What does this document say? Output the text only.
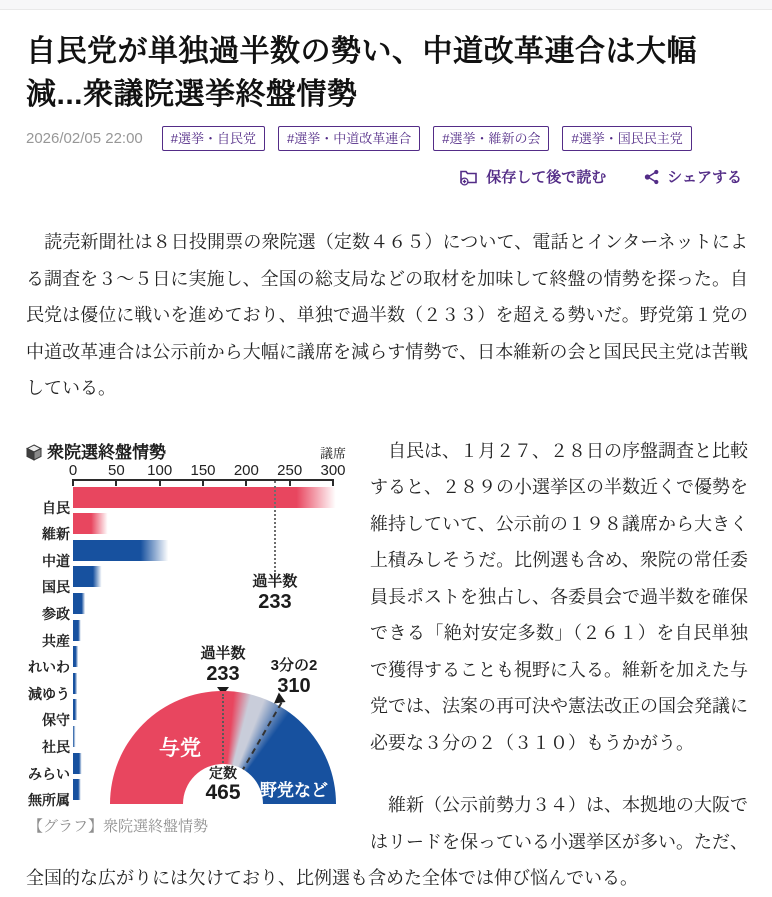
自民党が単独過半数の勢い、中道改革連合は大幅減...衆議院選挙終盤情勢
2026/02/05 22:00	#選挙・自民党	#選挙・中道改革連合	#選挙・維新の会	#選挙・国民民主党
保存して後で読む	シェアする

　読売新聞社は８日投開票の衆院選（定数４６５）について、電話とインターネットによる調査を３～５日に実施し、全国の総支局などの取材を加味して終盤の情勢を探った。自民党は優位に戦いを進めており、単独で過半数（２３３）を超える勢いだ。野党第１党の中道改革連合は公示前から大幅に議席を減らす情勢で、日本維新の会と国民民主党は苦戦している。

衆院選終盤情勢	議席
0 50 100 150 200 250 300
自民
維新
中道
国民
参政
共産
れいわ
減ゆう
保守
社民
みらい
無所属
過半数
233
過半数
233	3分の2
310
与党
野党など
定数
465
【グラフ】衆院選終盤情勢

　自民は、１月２７、２８日の序盤調査と比較すると、２８９の小選挙区の半数近くで優勢を維持していて、公示前の１９８議席から大きく上積みしそうだ。比例選も含め、衆院の常任委員長ポストを独占し、各委員会で過半数を確保できる「絶対安定多数」（２６１）を自民単独で獲得することも視野に入る。維新を加えた与党では、法案の再可決や憲法改正の国会発議に必要な３分の２（３１０）もうかがう。

　維新（公示前勢力３４）は、本拠地の大阪ではリードを保っている小選挙区が多い。ただ、全国的な広がりには欠けており、比例選も含めた全体では伸び悩んでいる。
